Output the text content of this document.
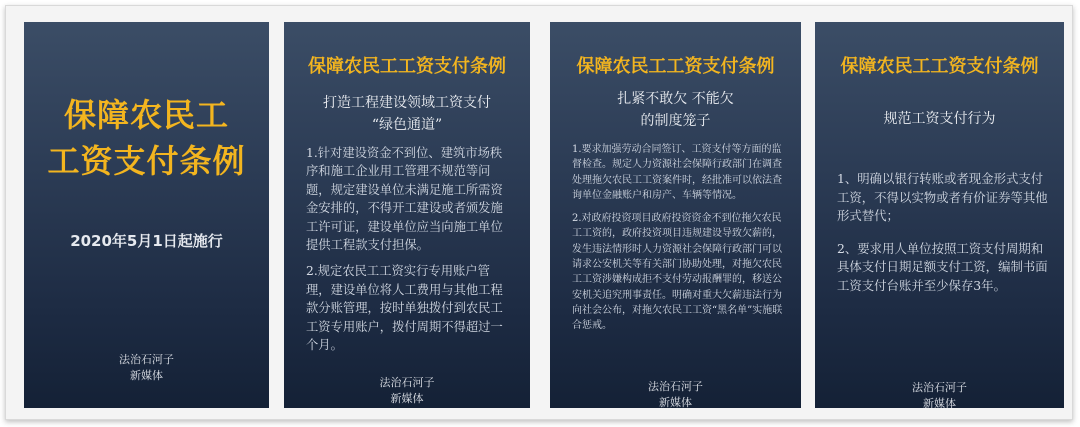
保障农民工
工资支付条例
2020年5月1日起施行
法治石河子
新媒体
保障农民工工资支付条例
打造工程建设领域工资支付
“绿色通道”

1.针对建设资金不到位、建筑市场秩序和施工企业用工管理不规范等问题，规定建设单位未满足施工所需资金安排的，不得开工建设或者颁发施工许可证，建设单位应当向施工单位提供工程款支付担保。

2.规定农民工工资实行专用账户管理，建设单位将人工费用与其他工程款分账管理，按时单独拨付到农民工工资专用账户，拨付周期不得超过一个月。

法治石河子
新媒体
保障农民工工资支付条例
扎紧不敢欠 不能欠
的制度笼子

1.要求加强劳动合同签订、工资支付等方面的监督检查。规定人力资源社会保障行政部门在调查处理拖欠农民工工资案件时，经批准可以依法查询单位金融账户和房产、车辆等情况。

2.对政府投资项目政府投资资金不到位拖欠农民工工资的，政府投资项目违规建设导致欠薪的，发生违法情形时人力资源社会保障行政部门可以请求公安机关等有关部门协助处理，对拖欠农民工工资涉嫌构成拒不支付劳动报酬罪的，移送公安机关追究刑事责任。明确对重大欠薪违法行为向社会公布，对拖欠农民工工资“黑名单”实施联合惩戒。

法治石河子
新媒体
保障农民工工资支付条例
规范工资支付行为

1、明确以银行转账或者现金形式支付工资，不得以实物或者有价证券等其他形式替代；

2、要求用人单位按照工资支付周期和具体支付日期足额支付工资，编制书面工资支付台账并至少保存3年。

法治石河子
新媒体
